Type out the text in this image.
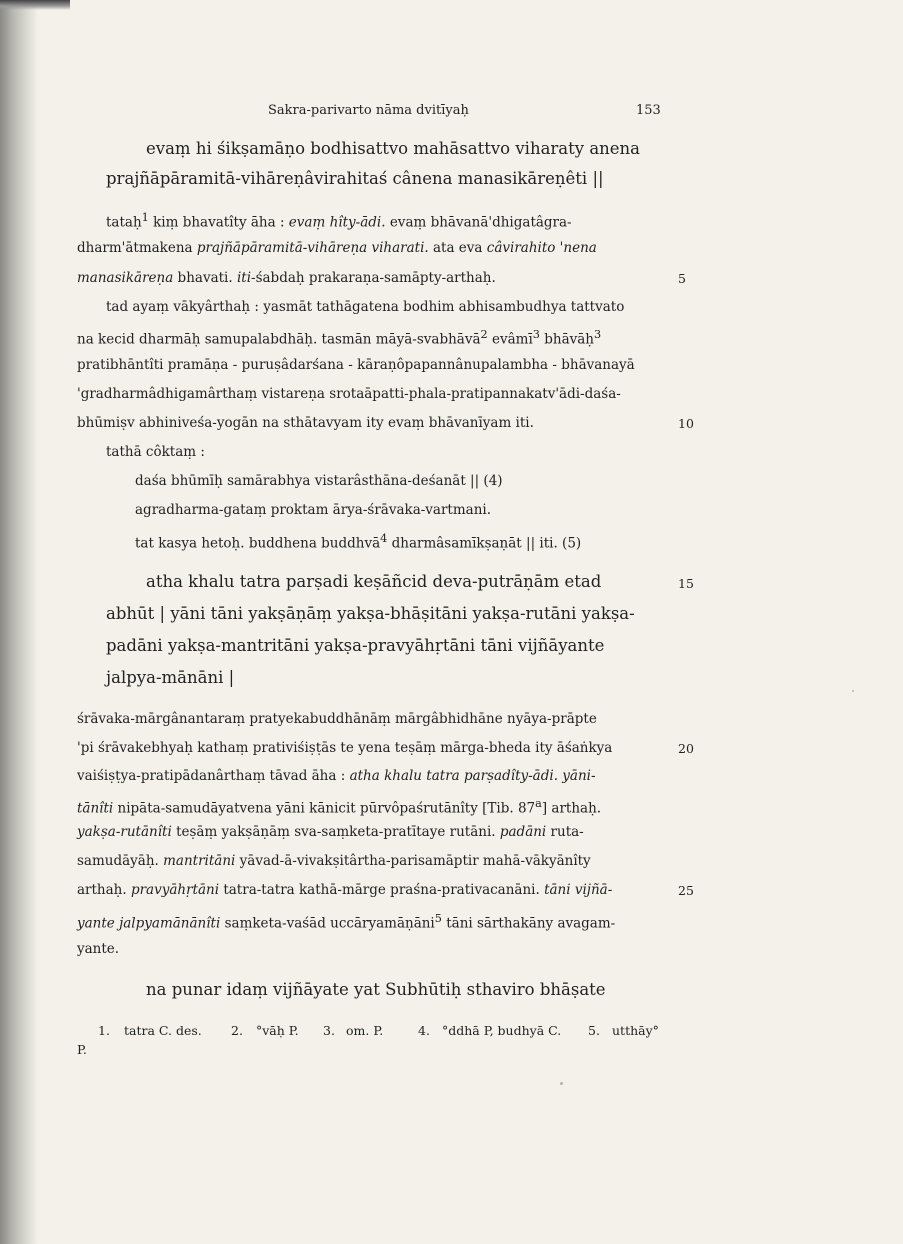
Sakra-parivarto nāma dvitīyaḥ	153
evaṃ hi śikṣamāṇo bodhisattvo mahāsattvo viharaty anena
prajñāpāramitā-vihāreṇâvirahitaś cânena manasikāreṇêti ||
tataḥ$^1$ kiṃ bhavatîty āha : evaṃ hîty-ādi. evaṃ bhāvanā'dhigatâgra-
dharm'ātmakena prajñāpāramitā-vihāreṇa viharati. ata eva câvirahito 'nena
manasikāreṇa bhavati. iti-śabdaḥ prakaraṇa-samāpty-arthaḥ.	5
tad ayaṃ vākyârthaḥ : yasmāt tathāgatena bodhim abhisambudhya tattvato
na kecid dharmāḥ samupalabdhāḥ. tasmān māyā-svabhāvā$^2$ evâmī$^3$ bhāvāḥ$^3$
pratibhāntîti pramāṇa - puruṣâdarśana - kāraṇôpapannânupalambha - bhāvanayā
'gradharmâdhigamârthaṃ vistareṇa srotaāpatti-phala-pratipannakatv'ādi-daśa-
bhūmiṣv abhiniveśa-yogān na sthātavyam ity evaṃ bhāvanīyam iti.	10
tathā côktaṃ :
daśa bhūmīḥ samārabhya vistarâsthāna-deśanāt || (4)
agradharma-gataṃ proktam ārya-śrāvaka-vartmani.
tat kasya hetoḥ. buddhena buddhvā$^4$ dharmâsamīkṣaṇāt || iti. (5)
atha khalu tatra parṣadi keṣāñcid deva-putrāṇām etad	15
abhūt | yāni tāni yakṣāṇāṃ yakṣa-bhāṣitāni yakṣa-rutāni yakṣa-
padāni yakṣa-mantritāni yakṣa-pravyāhṛtāni tāni vijñāyante
jalpya-mānāni |
śrāvaka-mārgânantaraṃ pratyekabuddhānāṃ mārgâbhidhāne nyāya-prāpte
'pi śrāvakebhyaḥ kathaṃ prativiśiṣṭās te yena teṣāṃ mārga-bheda ity āśaṅkya	20
vaiśiṣṭya-pratipādanârthaṃ tāvad āha : atha khalu tatra parṣadîty-ādi. yāni-
tānîti nipāta-samudāyatvena yāni kānicit pūrvôpaśrutānîty [Tib. 87$^a$] arthaḥ.
yakṣa-rutānîti teṣāṃ yakṣāṇāṃ sva-saṃketa-pratītaye rutāni. padāni ruta-
samudāyāḥ. mantritāni yāvad-ā-vivakṣitârtha-parisamāptir mahā-vākyānîty
arthaḥ. pravyāhṛtāni tatra-tatra kathā-mārge praśna-prativacanāni. tāni vijñā-	25
yante jalpyamānānîti saṃketa-vaśād uccāryamāṇāni$^5$ tāni sārthakāny avagam-
yante.
na punar idaṃ vijñāyate yat Subhūtiḥ sthaviro bhāṣate
1. tatra C. des. 2. °vāḥ P. 3. om. P.	4. °ddhā P, budhyā C. 5. utthāy°
P.
